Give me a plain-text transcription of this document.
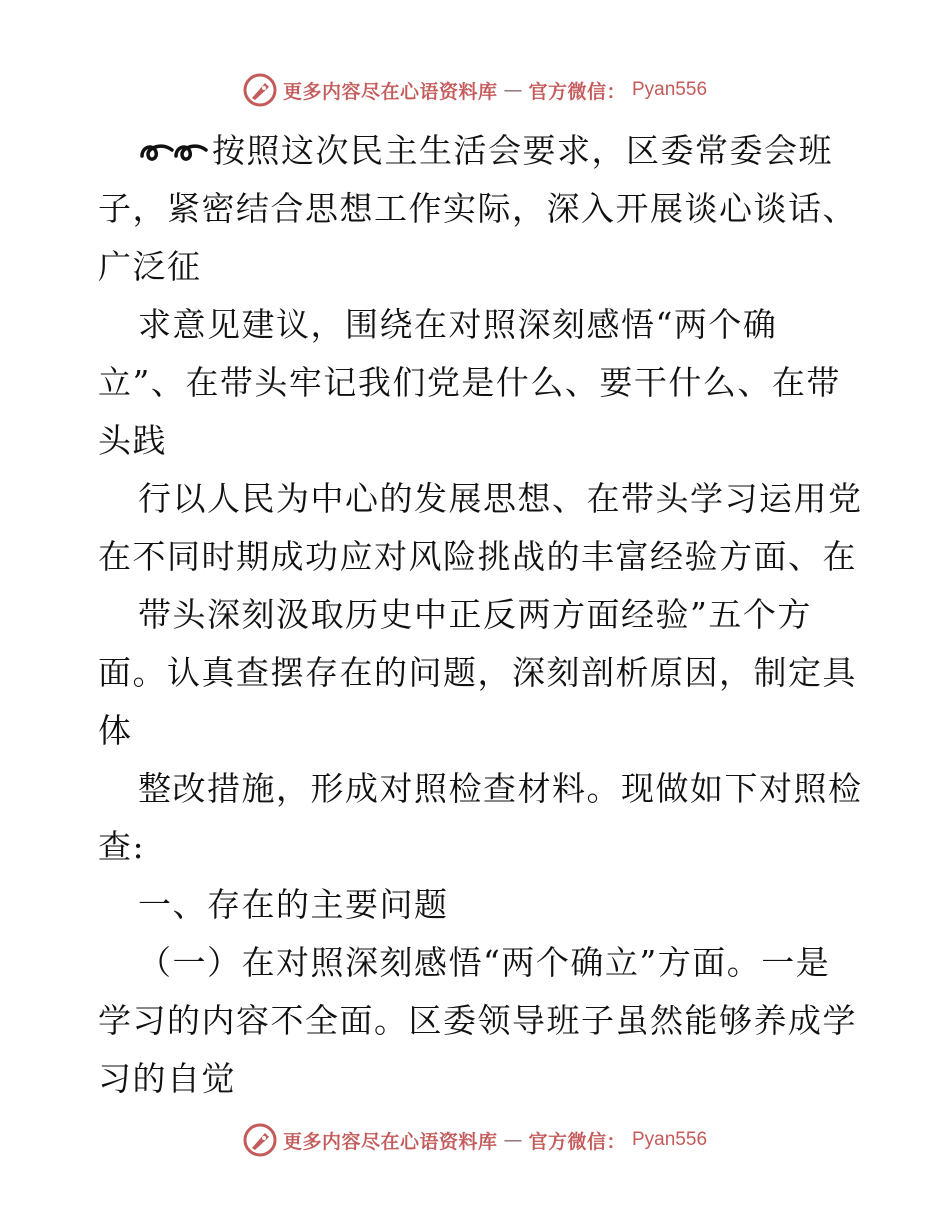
更多内容尽在心语资料库 — 官方微信： Pyan556
按照这次民主生活会要求，区委常委会班
子，紧密结合思想工作实际，深入开展谈心谈话、
广泛征
求意见建议，围绕在对照深刻感悟“两个确
立”、在带头牢记我们党是什么、要干什么、在带
头践
行以人民为中心的发展思想、在带头学习运用党
在不同时期成功应对风险挑战的丰富经验方面、在
带头深刻汲取历史中正反两方面经验”五个方
面。认真查摆存在的问题，深刻剖析原因，制定具
体
整改措施，形成对照检查材料。现做如下对照检
查:
一、存在的主要问题
（一）在对照深刻感悟“两个确立”方面。一是
学习的内容不全面。区委领导班子虽然能够养成学
习的自觉
更多内容尽在心语资料库 — 官方微信： Pyan556
